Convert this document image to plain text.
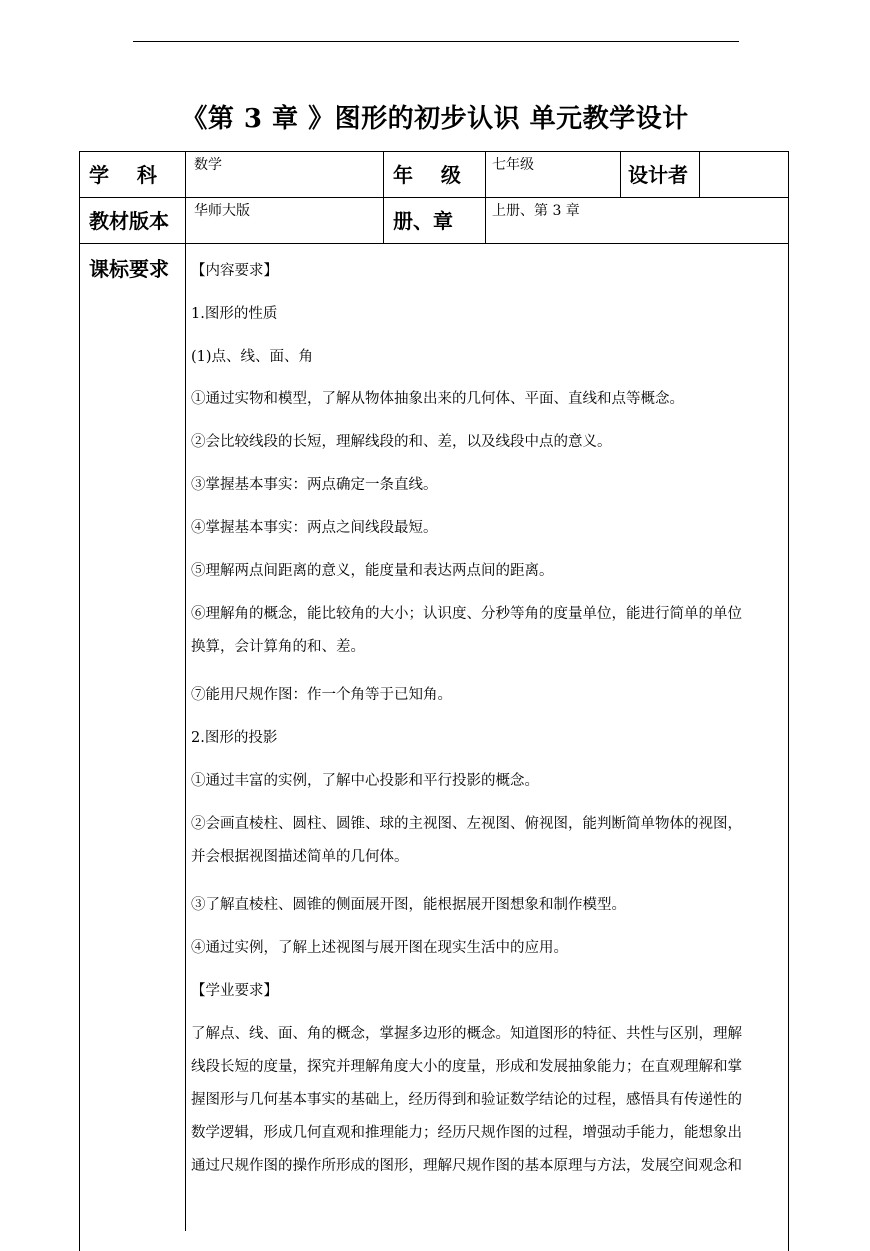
《第 3 章 》图形的初步认识 单元教学设计
学    科	数学	年    级 七年级	设计者
教材版本 华师大版	册、章	上册、第 3 章
课标要求 【内容要求】

1.图形的性质

(1)点、线、面、角

①通过实物和模型，了解从物体抽象出来的几何体、平面、直线和点等概念。

②会比较线段的长短，理解线段的和、差，以及线段中点的意义。

③掌握基本事实：两点确定一条直线。

④掌握基本事实：两点之间线段最短。

⑤理解两点间距离的意义，能度量和表达两点间的距离。

⑥理解角的概念，能比较角的大小；认识度、分秒等角的度量单位，能进行简单的单位

换算，会计算角的和、差。

⑦能用尺规作图：作一个角等于已知角。

2.图形的投影

①通过丰富的实例，了解中心投影和平行投影的概念。

②会画直棱柱、圆柱、圆锥、球的主视图、左视图、俯视图，能判断简单物体的视图，

并会根据视图描述简单的几何体。

③了解直棱柱、圆锥的侧面展开图，能根据展开图想象和制作模型。

④通过实例，了解上述视图与展开图在现实生活中的应用。

【学业要求】

了解点、线、面、角的概念，掌握多边形的概念。知道图形的特征、共性与区别，理解

线段长短的度量，探究并理解角度大小的度量，形成和发展抽象能力；在直观理解和掌

握图形与几何基本事实的基础上，经历得到和验证数学结论的过程，感悟具有传递性的

数学逻辑，形成几何直观和推理能力；经历尺规作图的过程，增强动手能力，能想象出

通过尺规作图的操作所形成的图形，理解尺规作图的基本原理与方法，发展空间观念和
